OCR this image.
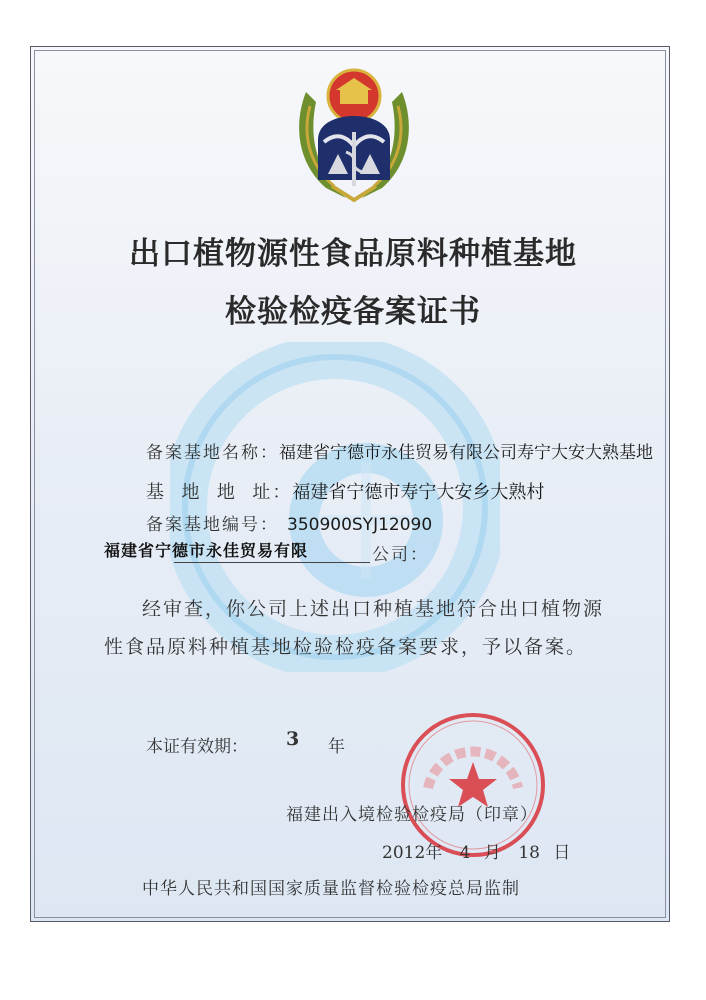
出口植物源性食品原料种植基地
检验检疫备案证书
备案基地名称：福建省宁德市永佳贸易有限公司寿宁大安大熟基地
基  地  地  址：福建省宁德市寿宁大安乡大熟村
备案基地编号： 350900SYJ12090
福建省宁德市永佳贸易有限	公司：
经审查，你公司上述出口种植基地符合出口植物源
性食品原料种植基地检验检疫备案要求，予以备案。
本证有效期： 3 年
福建出入境检验检疫局（印章）
2012年 4 月 18 日
中华人民共和国国家质量监督检验检疫总局监制
